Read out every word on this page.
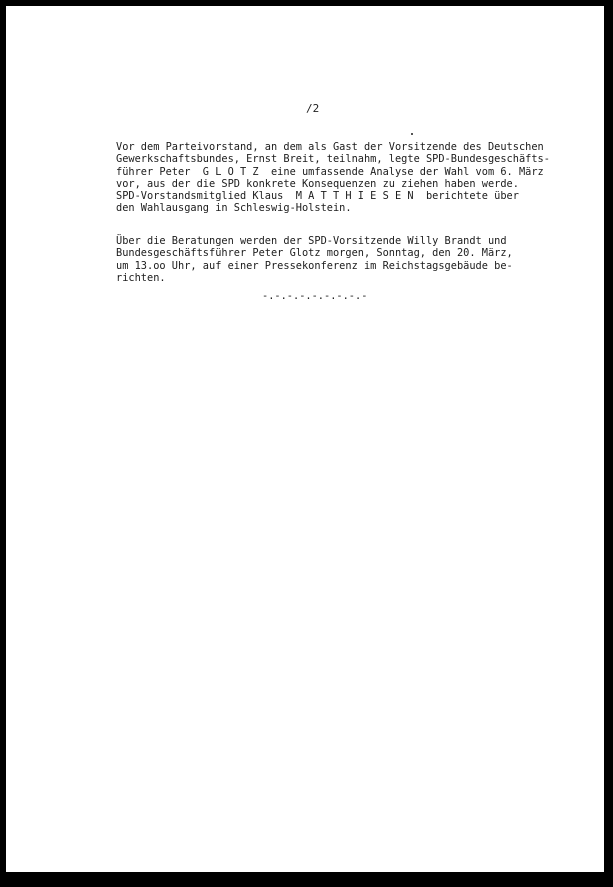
/2

Vor dem Parteivorstand, an dem als Gast der Vorsitzende des Deutschen
Gewerkschaftsbundes, Ernst Breit, teilnahm, legte SPD-Bundesgeschäfts-
führer Peter  G L O T Z  eine umfassende Analyse der Wahl vom 6. März
vor, aus der die SPD konkrete Konsequenzen zu ziehen haben werde.
SPD-Vorstandsmitglied Klaus  M A T T H I E S E N  berichtete über
den Wahlausgang in Schleswig-Holstein.
Über die Beratungen werden der SPD-Vorsitzende Willy Brandt und
Bundesgeschäftsführer Peter Glotz morgen, Sonntag, den 20. März,
um 13.oo Uhr, auf einer Pressekonferenz im Reichstagsgebäude be-
richten.

-.-.-.-.-.-.-.-.-
